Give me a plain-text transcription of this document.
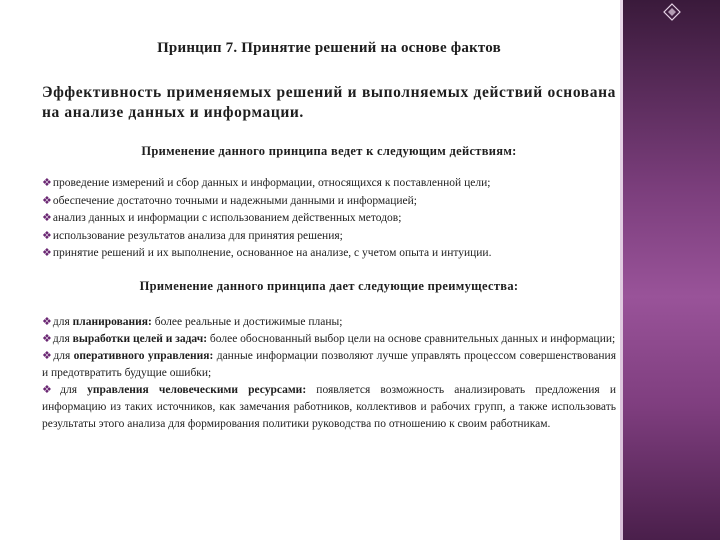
Принцип 7. Принятие решений на основе фактов
Эффективность применяемых решений и выполняемых действий основана на анализе данных и информации.
Применение данного принципа ведет к следующим действиям:
❖проведение измерений и сбор данных и информации, относящихся к поставленной цели;
❖обеспечение достаточно точными и надежными данными и информацией;
❖анализ данных и информации с использованием действенных методов;
❖использование результатов анализа для принятия решения;
❖принятие решений и их выполнение, основанное на анализе, с учетом опыта и интуиции.
Применение данного принципа дает следующие преимущества:
❖для планирования: более реальные и достижимые планы;
❖для выработки целей и задач: более обоснованный выбор цели на основе сравнительных данных и информации;
❖для оперативного управления: данные информации позволяют лучше управлять процессом совершенствования и предотвратить будущие ошибки;
❖для управления человеческими ресурсами: появляется возможность анализировать предложения и информацию из таких источников, как замечания работников, коллективов и рабочих групп, а также использовать результаты этого анализа для формирования политики руководства по отношению к своим работникам.
